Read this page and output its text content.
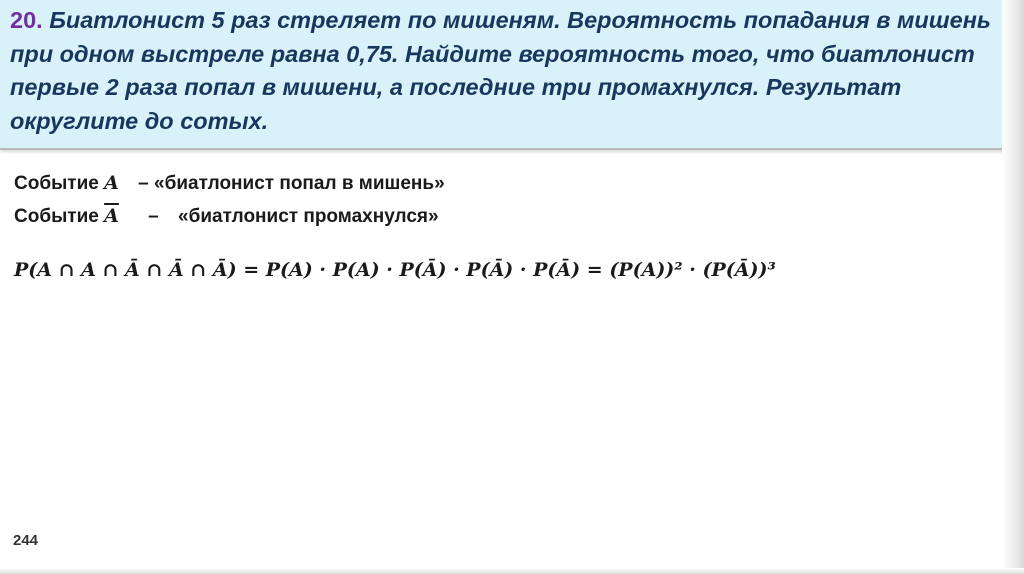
20. Биатлонист 5 раз стреляет по мишеням. Вероятность попадания в мишень при одном выстреле равна 0,75. Найдите вероятность того, что биатлонист первые 2 раза попал в мишени, а последние три промахнулся. Результат округлите до сотых.

Событие A – «биатлонист попал в мишень»

Событие $\overline{A}$ – «биатлонист промахнулся»

P(A ∩ A ∩ Ā ∩ Ā ∩ Ā) = P(A) · P(A) · P(Ā) · P(Ā) · P(Ā) = (P(A))² · (P(Ā))³

244
